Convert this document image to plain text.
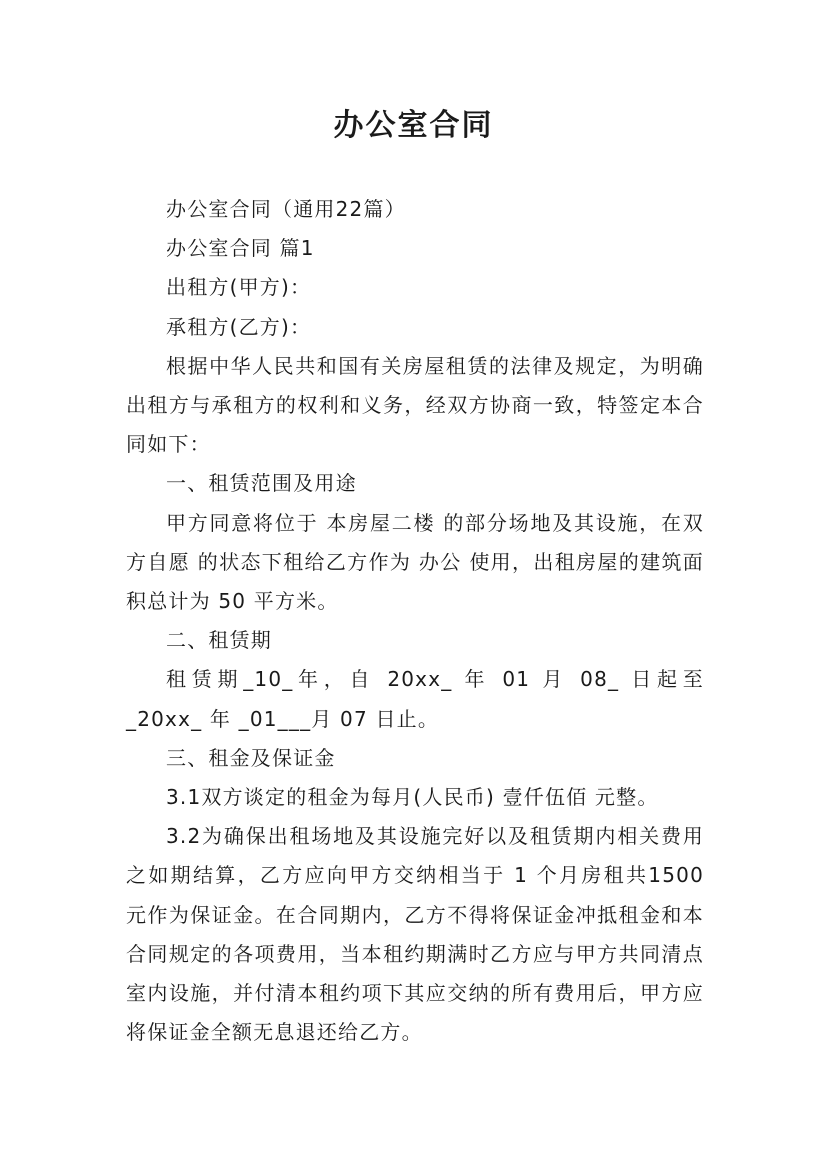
办公室合同

办公室合同（通用22篇）

办公室合同 篇1

出租方(甲方)：

承租方(乙方)：

根据中华人民共和国有关房屋租赁的法律及规定，为明确出租方与承租方的权利和义务，经双方协商一致，特签定本合同如下：

一、租赁范围及用途

甲方同意将位于 本房屋二楼 的部分场地及其设施，在双方自愿 的状态下租给乙方作为 办公 使用，出租房屋的建筑面积总计为 50 平方米。

二、租赁期

租赁期_10_年，自 20xx_ 年 01 月 08_ 日起至 _20xx_ 年 _01___月 07 日止。

三、租金及保证金

3.1双方谈定的租金为每月(人民币) 壹仟伍佰 元整。

3.2为确保出租场地及其设施完好以及租赁期内相关费用之如期结算，乙方应向甲方交纳相当于 1 个月房租共1500 元作为保证金。在合同期内，乙方不得将保证金冲抵租金和本合同规定的各项费用，当本租约期满时乙方应与甲方共同清点室内设施，并付清本租约项下其应交纳的所有费用后，甲方应将保证金全额无息退还给乙方。
